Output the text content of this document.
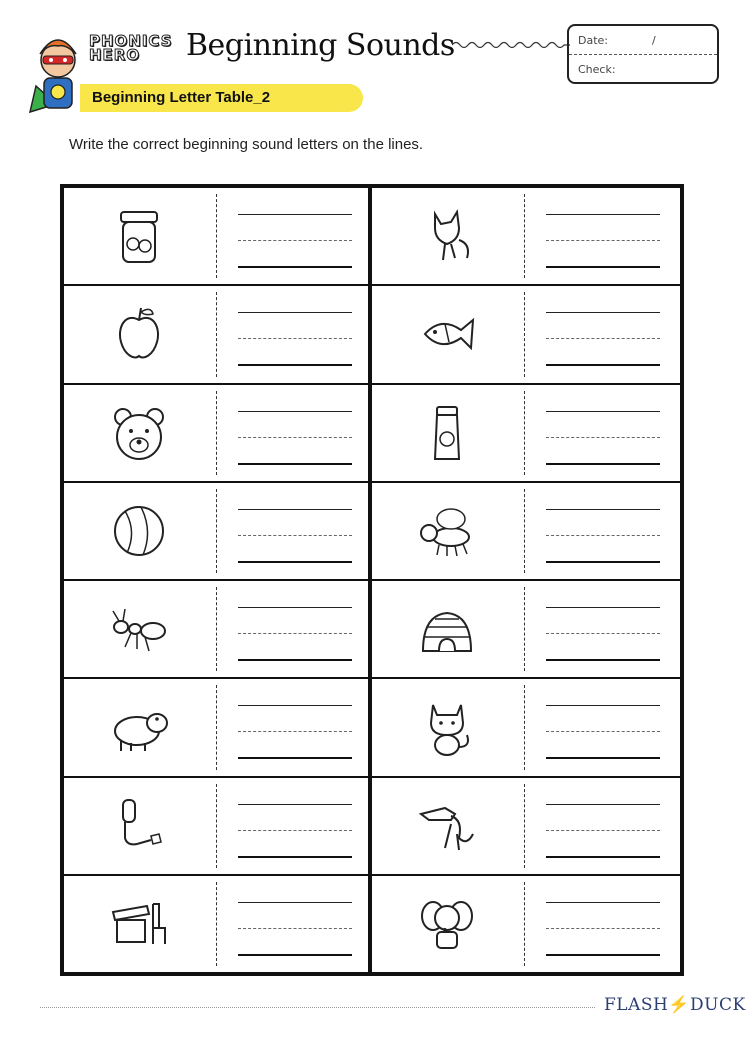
PHONICS
HERO	Beginning Sounds	Date:	/
Check:
Beginning Letter Table_2
Write the correct beginning sound letters on the lines.
FLASH⚡DUCK
